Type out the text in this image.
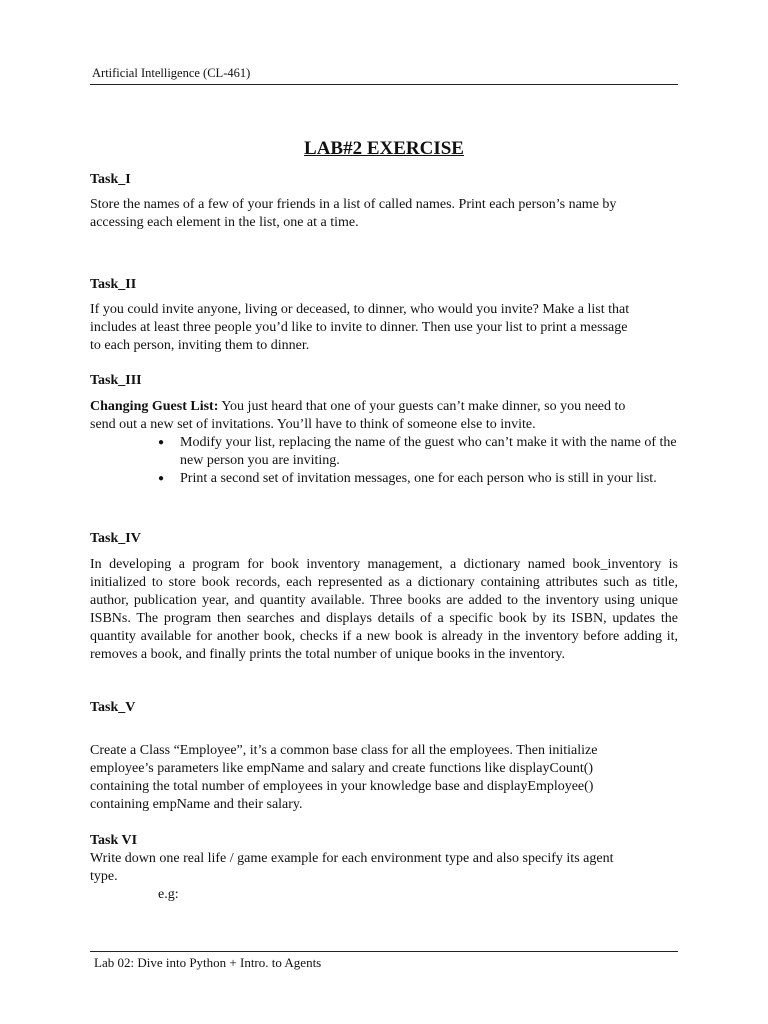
Artificial Intelligence (CL-461)
LAB#2 EXERCISE
Task_I

Store the names of a few of your friends in a list of called names. Print each person’s name by

accessing each element in the list, one at a time.

Task_II

If you could invite anyone, living or deceased, to dinner, who would you invite? Make a list that

includes at least three people you’d like to invite to dinner. Then use your list to print a message

to each person, inviting them to dinner.

Task_III

Changing Guest List: You just heard that one of your guests can’t make dinner, so you need to

send out a new set of invitations. You’ll have to think of someone else to invite.

● Modify your list, replacing the name of the guest who can’t make it with the name of the new person you are inviting.
● Print a second set of invitation messages, one for each person who is still in your list.
Task_IV

In developing a program for book inventory management, a dictionary named book_inventory is initialized to store book records, each represented as a dictionary containing attributes such as title, author, publication year, and quantity available. Three books are added to the inventory using unique ISBNs. The program then searches and displays details of a specific book by its ISBN, updates the quantity available for another book, checks if a new book is already in the inventory before adding it, removes a book, and finally prints the total number of unique books in the inventory.

Task_V

Create a Class “Employee”, it’s a common base class for all the employees. Then initialize

employee’s parameters like empName and salary and create functions like displayCount()

containing the total number of employees in your knowledge base and displayEmployee()

containing empName and their salary.

Task VI

Write down one real life / game example for each environment type and also specify its agent

type.

e.g:

Lab 02: Dive into Python + Intro. to Agents
